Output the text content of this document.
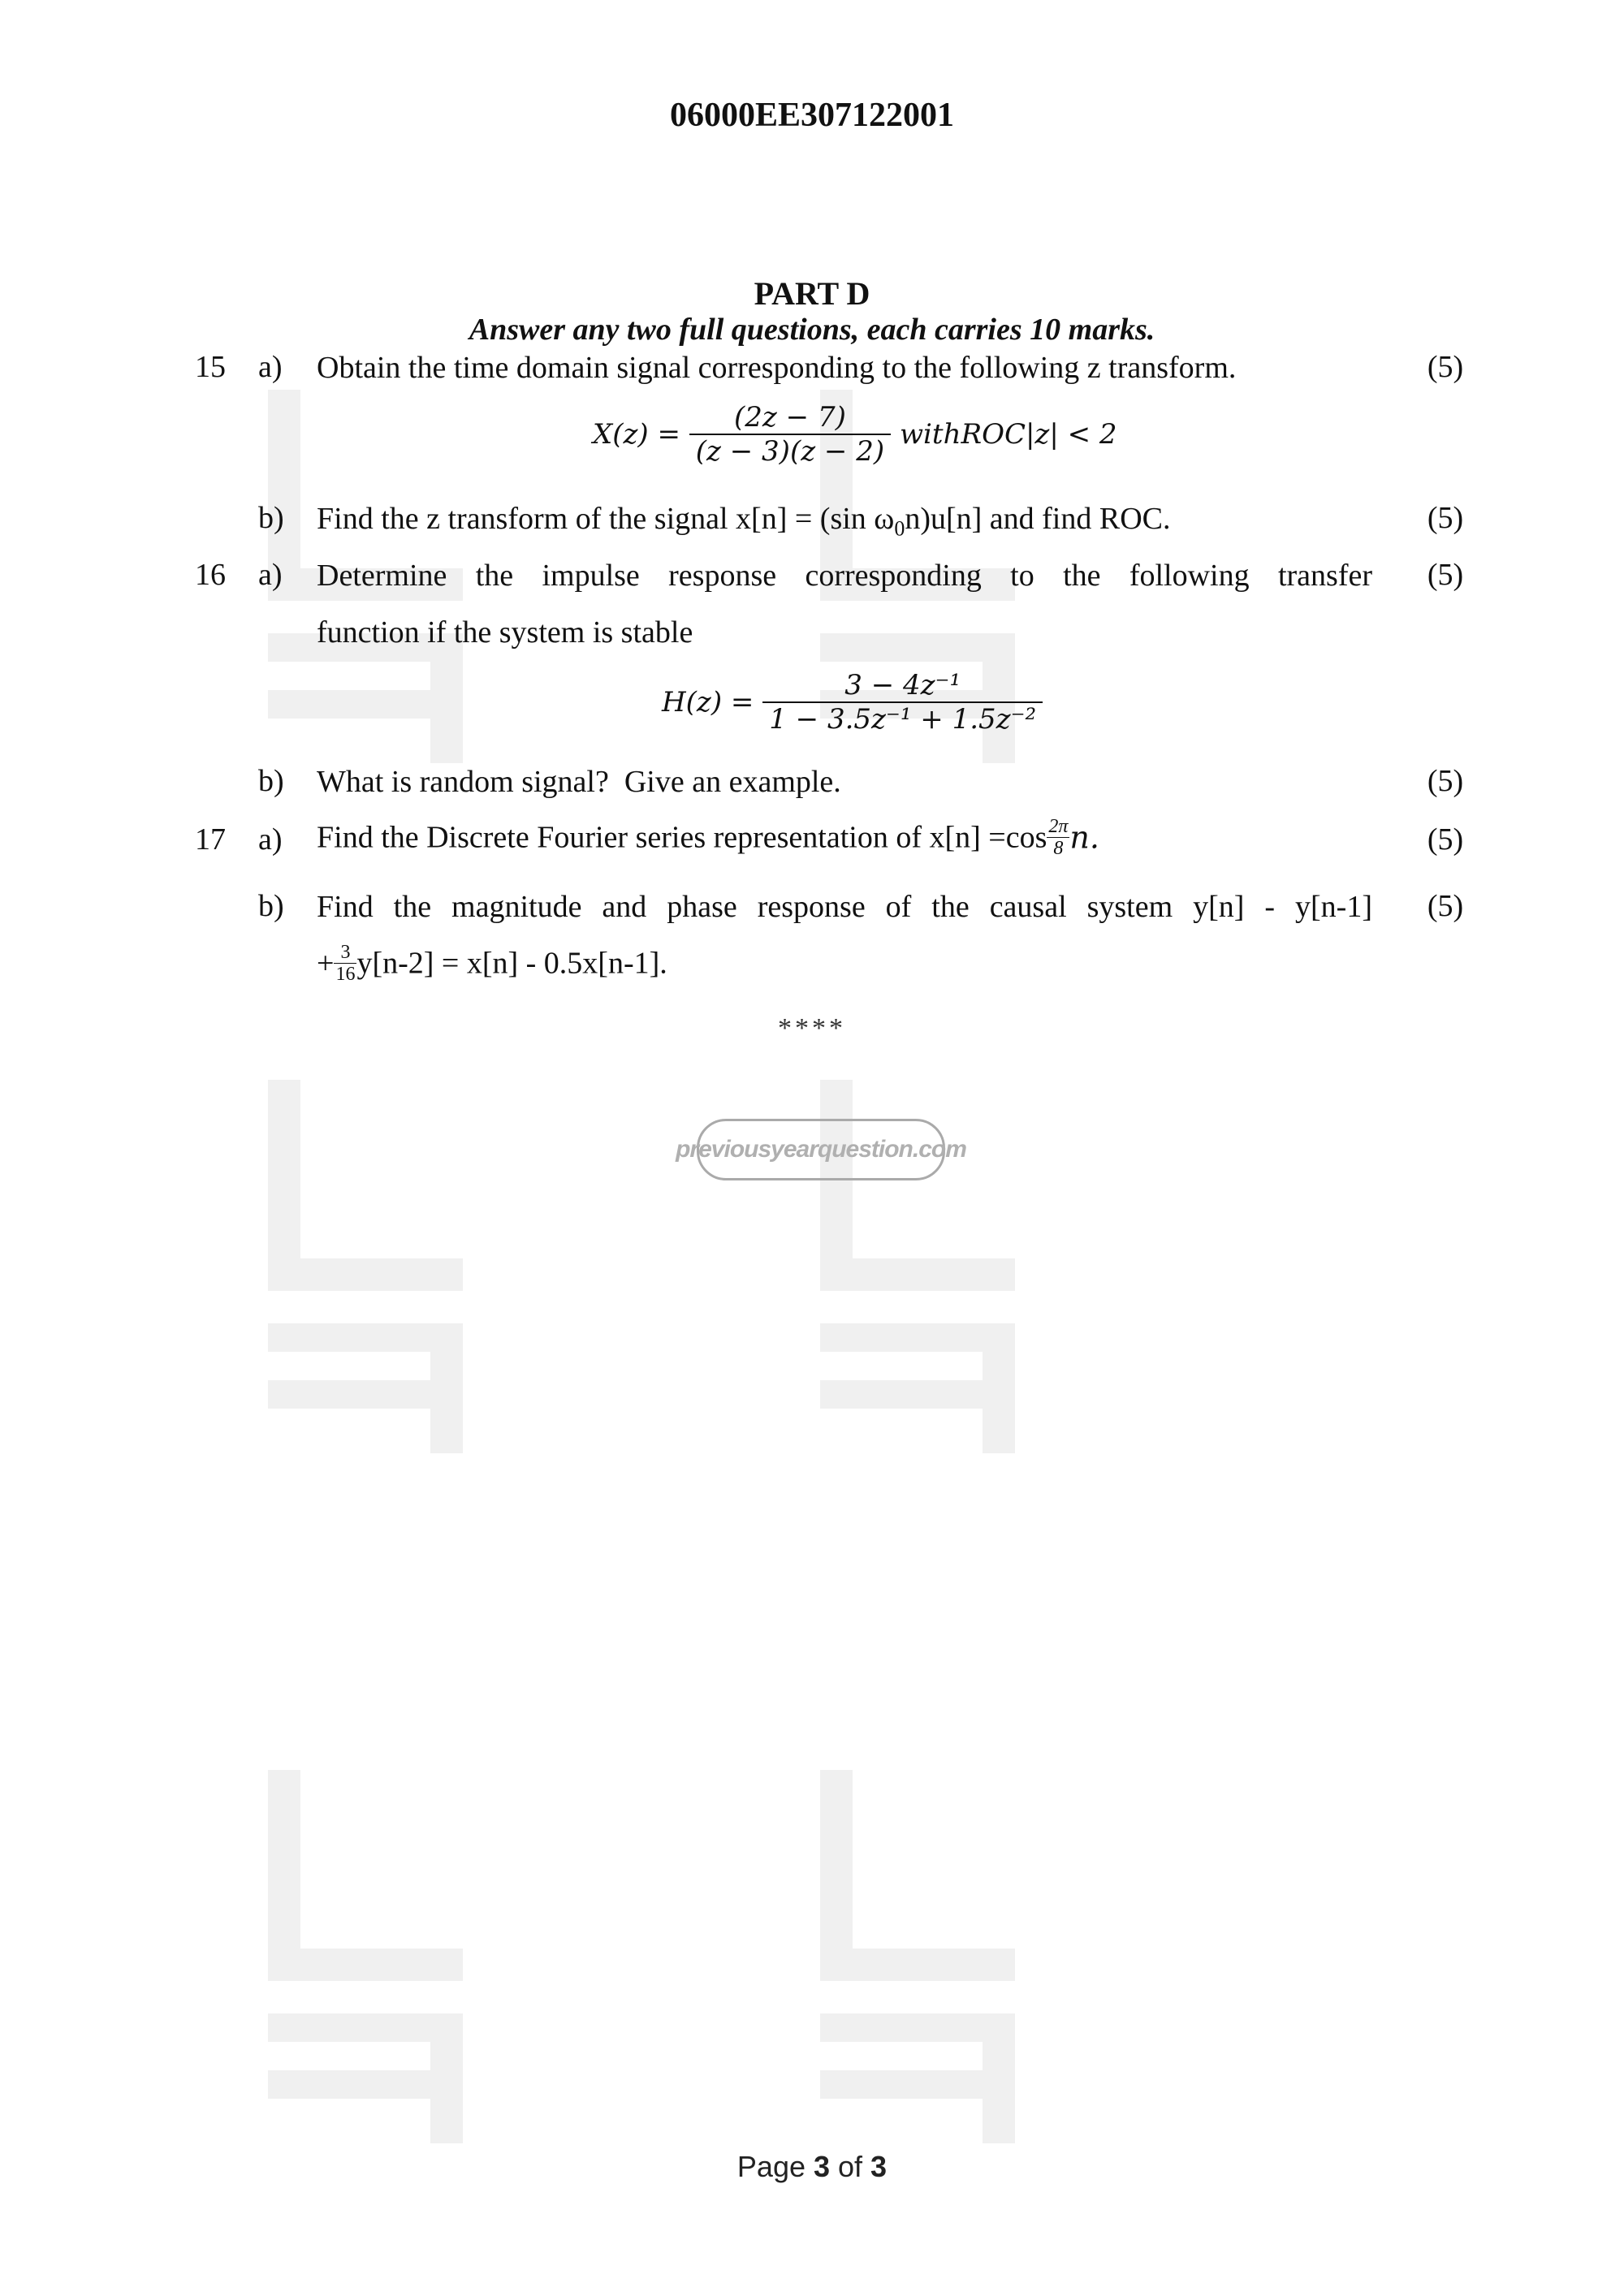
06000EE307122001
PART D
Answer any two full questions, each carries 10 marks.
15 a) Obtain the time domain signal corresponding to the following z transform.	(5)
$X(z) = \frac{(2z - 7)}{(z - 3)(z - 2)}$ withROC|z| < 2
b) Find the z transform of the signal x[n] = (sin $\omega_0n)u[n]$ and find ROC.	(5)
16 a) Determine the impulse response corresponding to the following transfer
function if the system is stable
(5)
$H(z) = \frac{\text{3 − 4z⁻¹}}{\text{1 − 3.5z⁻¹ + 1.5z⁻²}}$
b) What is random signal?  Give an example.	(5)
17 a) Find the Discrete Fourier series representation of $x[n] =\cos \frac{2\pi}{8} n$.	(5)
b) Find the magnitude and phase response of the causal system y[n] - y[n-1]	(5)
+ $\frac{3}{16} y[n-2] = x[n] - 0.5x[n-1]$.
****
previousyearquestion.com
Page 3 of 3
